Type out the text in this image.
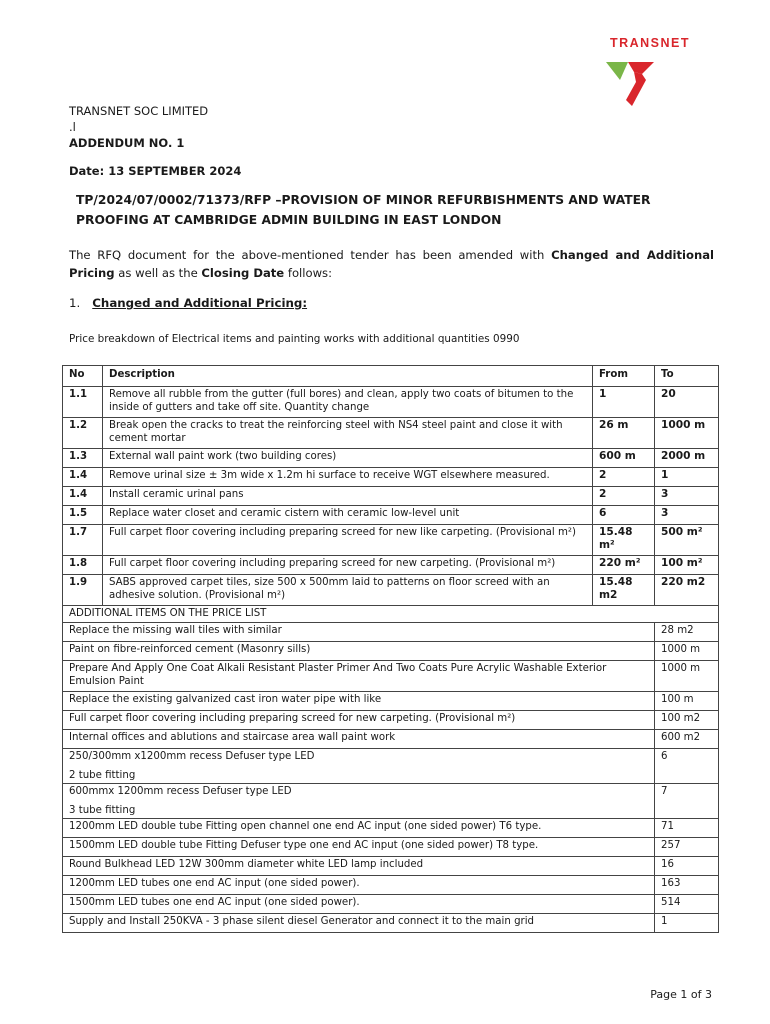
TRANSNET
TRANSNET SOC LIMITED
.l
ADDENDUM NO. 1
Date: 13 SEPTEMBER 2024
TP/2024/07/0002/71373/RFP –PROVISION OF MINOR REFURBISHMENTS AND WATER PROOFING AT CAMBRIDGE ADMIN BUILDING IN EAST LONDON
The RFQ document for the above-mentioned tender has been amended with Changed and Additional Pricing as well as the Closing Date follows:
1. Changed and Additional Pricing:
Price breakdown of Electrical items and painting works with additional quantities 0990
No	Description	From	To
1.1	Remove all rubble from the gutter (full bores) and clean, apply two coats of bitumen to the inside of gutters and take off site. Quantity change	1	20
1.2	Break open the cracks to treat the reinforcing steel with NS4 steel paint and close it with cement mortar	26 m	1000 m
1.3	External wall paint work (two building cores)	600 m	2000 m
1.4	Remove urinal size ± 3m wide x 1.2m hi surface to receive WGT elsewhere measured.	2	1
1.4	Install ceramic urinal pans	2	3
1.5	Replace water closet and ceramic cistern with ceramic low-level unit	6	3
1.7	Full carpet floor covering including preparing screed for new like carpeting. (Provisional m²)	15.48 m²	500 m²
1.8	Full carpet floor covering including preparing screed for new carpeting. (Provisional m²)	220 m²	100 m²
1.9	SABS approved carpet tiles, size 500 x 500mm laid to patterns on floor screed with an adhesive solution. (Provisional m²)	15.48 m2	220 m2
ADDITIONAL ITEMS ON THE PRICE LIST			
Replace the missing wall tiles with similar			28 m2
Paint on fibre-reinforced cement (Masonry sills)			1000 m
Prepare And Apply One Coat Alkali Resistant Plaster Primer And Two Coats Pure Acrylic Washable Exterior Emulsion Paint			1000 m
Replace the existing galvanized cast iron water pipe with like			100 m
Full carpet floor covering including preparing screed for new carpeting. (Provisional m²)			100 m2
Internal offices and ablutions and staircase area wall paint work			600 m2

250/300mm x1200mm recess Defuser type LED
2 tube fitting			6

600mmx 1200mm recess Defuser type LED
3 tube fitting			7
1200mm LED double tube Fitting open channel one end AC input (one sided power) T6 type.			71
1500mm LED double tube Fitting Defuser type one end AC input (one sided power) T8 type.			257
Round Bulkhead LED 12W 300mm diameter white LED lamp included			16
1200mm LED tubes one end AC input (one sided power).			163
1500mm LED tubes one end AC input (one sided power).			514
Supply and Install 250KVA - 3 phase silent diesel Generator and connect it to the main grid			1
Page 1 of 3
